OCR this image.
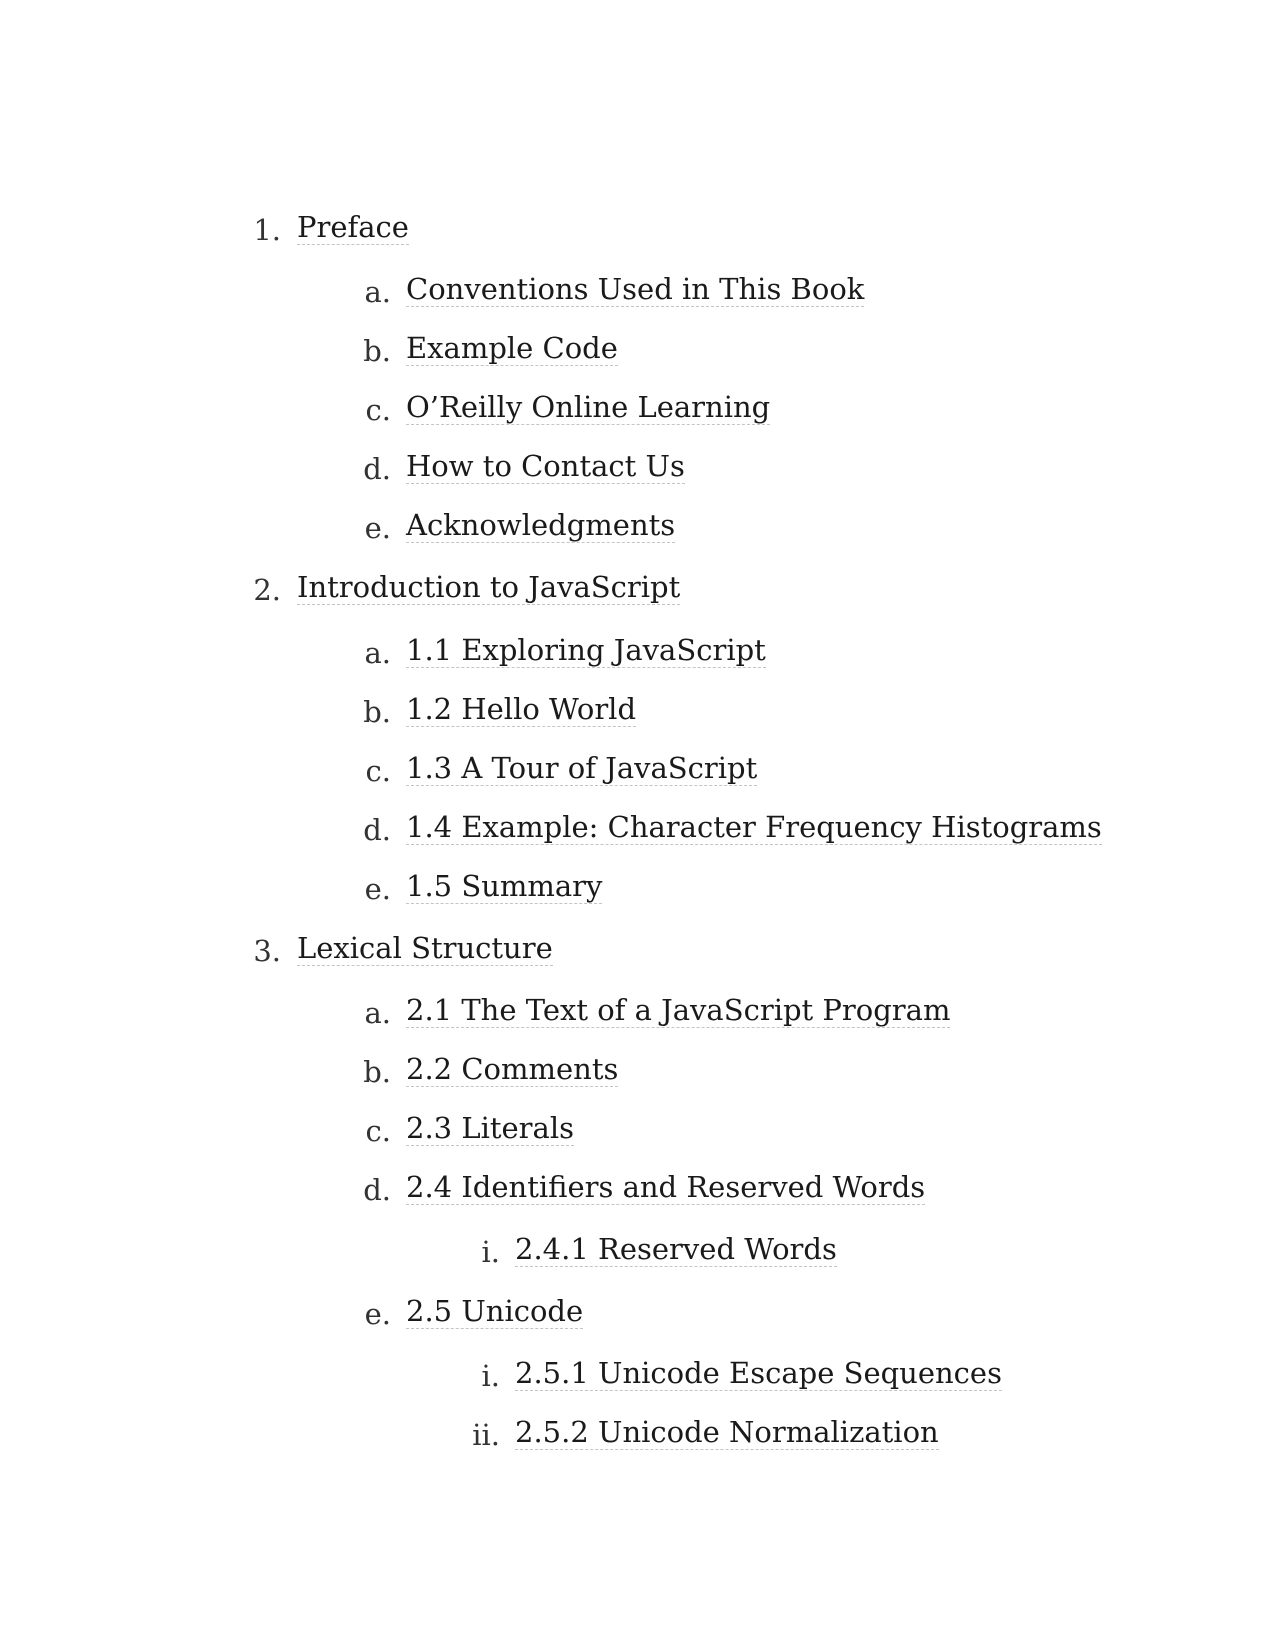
1. Preface
a. Conventions Used in This Book
b. Example Code
c. O’Reilly Online Learning
d. How to Contact Us
e. Acknowledgments
2. Introduction to JavaScript
a. 1.1 Exploring JavaScript
b. 1.2 Hello World
c. 1.3 A Tour of JavaScript
d. 1.4 Example: Character Frequency Histograms
e. 1.5 Summary
3. Lexical Structure
a. 2.1 The Text of a JavaScript Program
b. 2.2 Comments
c. 2.3 Literals
d. 2.4 Identifiers and Reserved Words
i. 2.4.1 Reserved Words
e. 2.5 Unicode
i. 2.5.1 Unicode Escape Sequences
ii. 2.5.2 Unicode Normalization
